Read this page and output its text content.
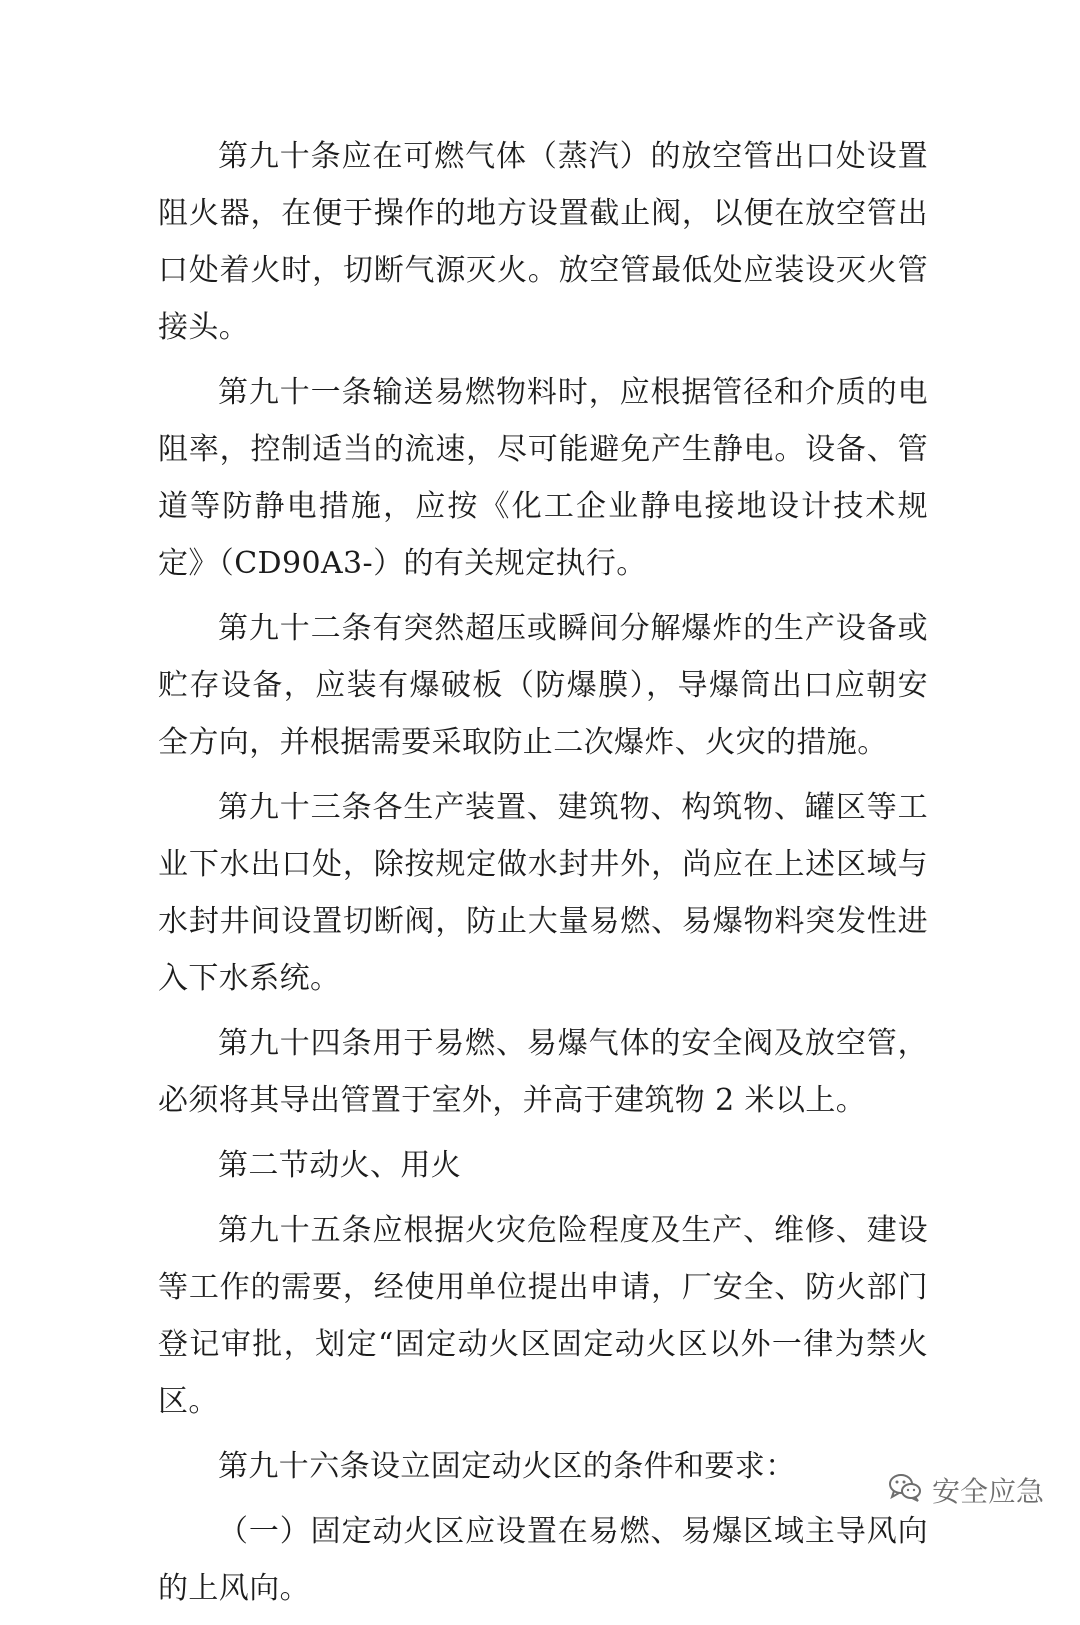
第九十条应在可燃气体（蒸汽）的放空管出口处设置阻火器，在便于操作的地方设置截止阀，以便在放空管出口处着火时，切断气源灭火。放空管最低处应装设灭火管接头。

第九十一条输送易燃物料时，应根据管径和介质的电阻率，控制适当的流速，尽可能避免产生静电。设备、管道等防静电措施，应按《化工企业静电接地设计技术规定》（CD90A3-）的有关规定执行。

第九十二条有突然超压或瞬间分解爆炸的生产设备或贮存设备，应装有爆破板（防爆膜），导爆筒出口应朝安全方向，并根据需要采取防止二次爆炸、火灾的措施。

第九十三条各生产装置、建筑物、构筑物、罐区等工业下水出口处，除按规定做水封井外，尚应在上述区域与水封井间设置切断阀，防止大量易燃、易爆物料突发性进入下水系统。

第九十四条用于易燃、易爆气体的安全阀及放空管，必须将其导出管置于室外，并高于建筑物 2 米以上。

第二节动火、用火

第九十五条应根据火灾危险程度及生产、维修、建设等工作的需要，经使用单位提出申请，厂安全、防火部门登记审批，划定“固定动火区固定动火区以外一律为禁火区。

第九十六条设立固定动火区的条件和要求：

（一）固定动火区应设置在易燃、易爆区域主导风向的上风向。

安全应急
